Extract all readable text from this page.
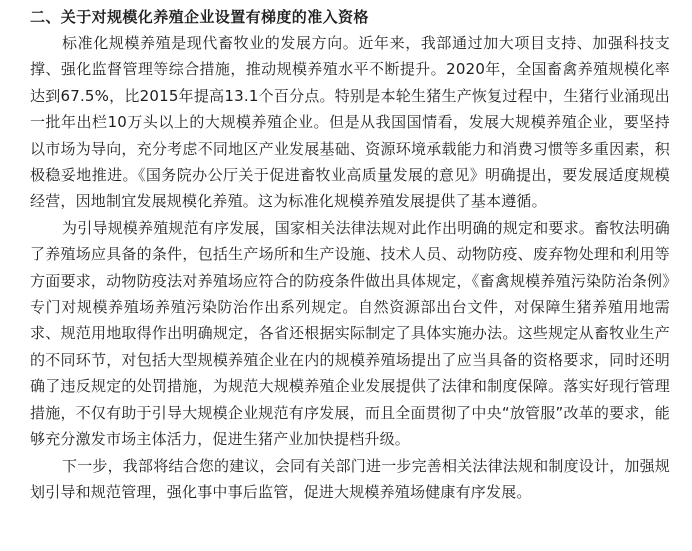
二、关于对规模化养殖企业设置有梯度的准入资格

标准化规模养殖是现代畜牧业的发展方向。近年来，我部通过加大项目支持、加强科技支撑、强化监督管理等综合措施，推动规模养殖水平不断提升。2020年，全国畜禽养殖规模化率达到67.5%，比2015年提高13.1个百分点。特别是本轮生猪生产恢复过程中，生猪行业涌现出一批年出栏10万头以上的大规模养殖企业。但是从我国国情看，发展大规模养殖企业，要坚持以市场为导向，充分考虑不同地区产业发展基础、资源环境承载能力和消费习惯等多重因素，积极稳妥地推进。《国务院办公厅关于促进畜牧业高质量发展的意见》明确提出，要发展适度规模经营，因地制宜发展规模化养殖。这为标准化规模养殖发展提供了基本遵循。

为引导规模养殖规范有序发展，国家相关法律法规对此作出明确的规定和要求。畜牧法明确了养殖场应具备的条件，包括生产场所和生产设施、技术人员、动物防疫、废弃物处理和利用等方面要求，动物防疫法对养殖场应符合的防疫条件做出具体规定，《畜禽规模养殖污染防治条例》专门对规模养殖场养殖污染防治作出系列规定。自然资源部出台文件，对保障生猪养殖用地需求、规范用地取得作出明确规定，各省还根据实际制定了具体实施办法。这些规定从畜牧业生产的不同环节，对包括大型规模养殖企业在内的规模养殖场提出了应当具备的资格要求，同时还明确了违反规定的处罚措施，为规范大规模养殖企业发展提供了法律和制度保障。落实好现行管理措施，不仅有助于引导大规模企业规范有序发展，而且全面贯彻了中央“放管服”改革的要求，能够充分激发市场主体活力，促进生猪产业加快提档升级。

下一步，我部将结合您的建议，会同有关部门进一步完善相关法律法规和制度设计，加强规划引导和规范管理，强化事中事后监管，促进大规模养殖场健康有序发展。
